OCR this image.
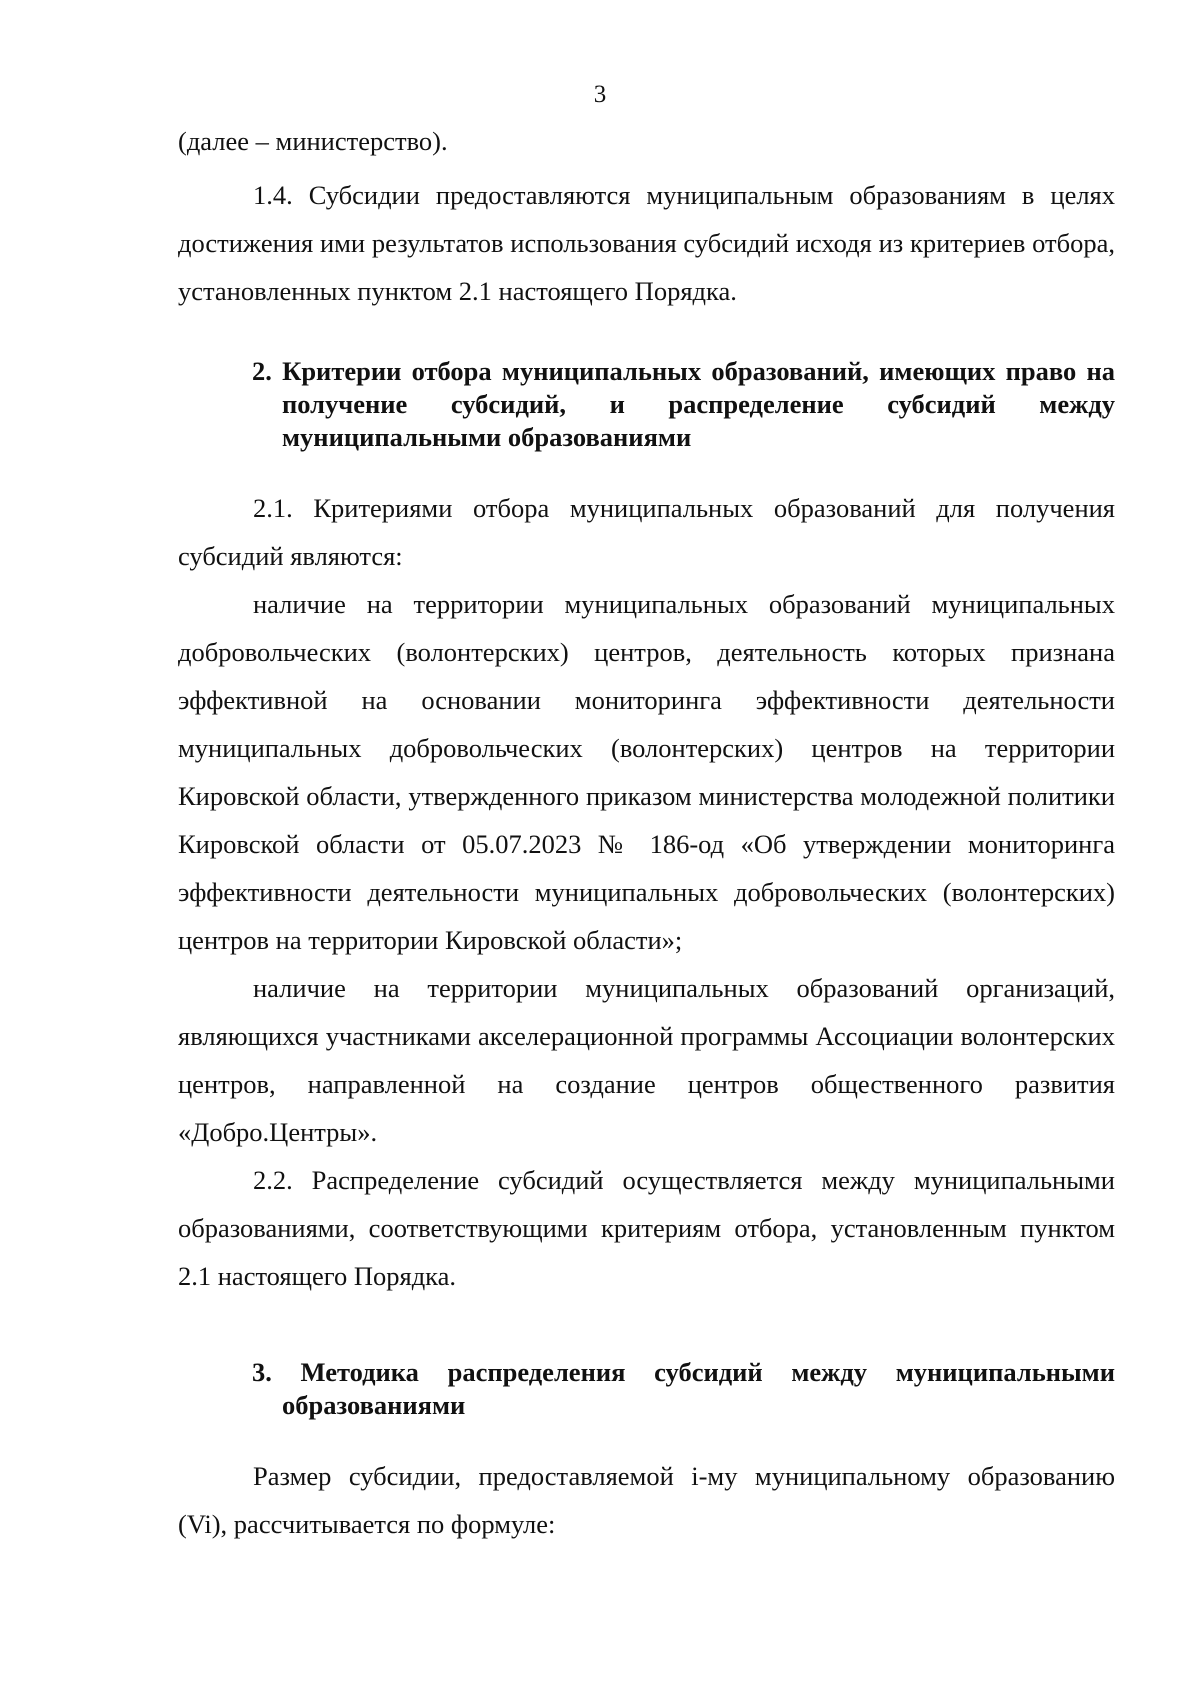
3

(далее – министерство).

1.4. Субсидии предоставляются муниципальным образованиям в целях достижения ими результатов использования субсидий исходя из критериев отбора, установленных пунктом 2.1 настоящего Порядка.

2. Критерии отбора муниципальных образований, имеющих право на получение субсидий, и распределение субсидий между муниципальными образованиями

2.1. Критериями отбора муниципальных образований для получения субсидий являются:

наличие на территории муниципальных образований муниципальных добровольческих (волонтерских) центров, деятельность которых признана эффективной на основании мониторинга эффективности деятельности муниципальных добровольческих (волонтерских) центров на территории Кировской области, утвержденного приказом министерства молодежной политики Кировской области от 05.07.2023 № 186-од «Об утверждении мониторинга эффективности деятельности муниципальных добровольческих (волонтерских) центров на территории Кировской области»;

наличие на территории муниципальных образований организаций, являющихся участниками акселерационной программы Ассоциации волонтерских центров, направленной на создание центров общественного развития «Добро.Центры».

2.2. Распределение субсидий осуществляется между муниципальными образованиями, соответствующими критериям отбора, установленным пунктом 2.1 настоящего Порядка.

3. Методика распределения субсидий между муниципальными образованиями

Размер субсидии, предоставляемой i-му муниципальному образованию (Vi), рассчитывается по формуле:
